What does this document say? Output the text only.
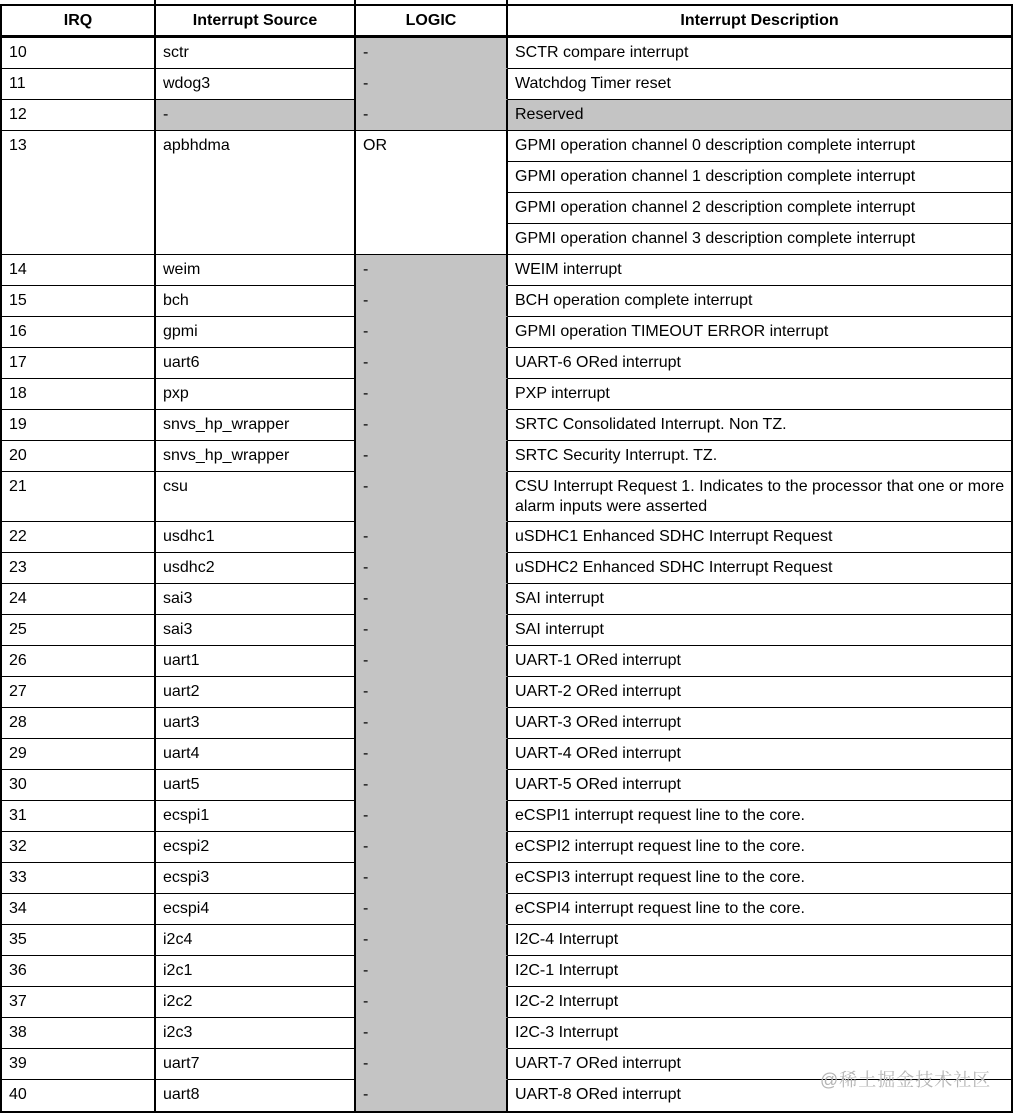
IRQ	Interrupt Source	LOGIC	Interrupt Description
10	sctr	-	SCTR compare interrupt
11	wdog3	-	Watchdog Timer reset
12	-	-	Reserved
13	apbhdma	OR	GPMI operation channel 0 description complete interrupt
			GPMI operation channel 1 description complete interrupt
			GPMI operation channel 2 description complete interrupt
			GPMI operation channel 3 description complete interrupt
14	weim	-	WEIM interrupt
15	bch	-	BCH operation complete interrupt
16	gpmi	-	GPMI operation TIMEOUT ERROR interrupt
17	uart6	-	UART-6 ORed interrupt
18	pxp	-	PXP interrupt
19	snvs_hp_wrapper	-	SRTC Consolidated Interrupt. Non TZ.
20	snvs_hp_wrapper	-	SRTC Security Interrupt. TZ.
21	csu	-	CSU Interrupt Request 1. Indicates to the processor that one or more alarm inputs were asserted
22	usdhc1	-	uSDHC1 Enhanced SDHC Interrupt Request
23	usdhc2	-	uSDHC2 Enhanced SDHC Interrupt Request
24	sai3	-	SAI interrupt
25	sai3	-	SAI interrupt
26	uart1	-	UART-1 ORed interrupt
27	uart2	-	UART-2 ORed interrupt
28	uart3	-	UART-3 ORed interrupt
29	uart4	-	UART-4 ORed interrupt
30	uart5	-	UART-5 ORed interrupt
31	ecspi1	-	eCSPI1 interrupt request line to the core.
32	ecspi2	-	eCSPI2 interrupt request line to the core.
33	ecspi3	-	eCSPI3 interrupt request line to the core.
34	ecspi4	-	eCSPI4 interrupt request line to the core.
35	i2c4	-	I2C-4 Interrupt
36	i2c1	-	I2C-1 Interrupt
37	i2c2	-	I2C-2 Interrupt
38	i2c3	-	I2C-3 Interrupt
39	uart7	-	UART-7 ORed interrupt
40	uart8	-	UART-8 ORed interrupt
@稀土掘金技术社区
